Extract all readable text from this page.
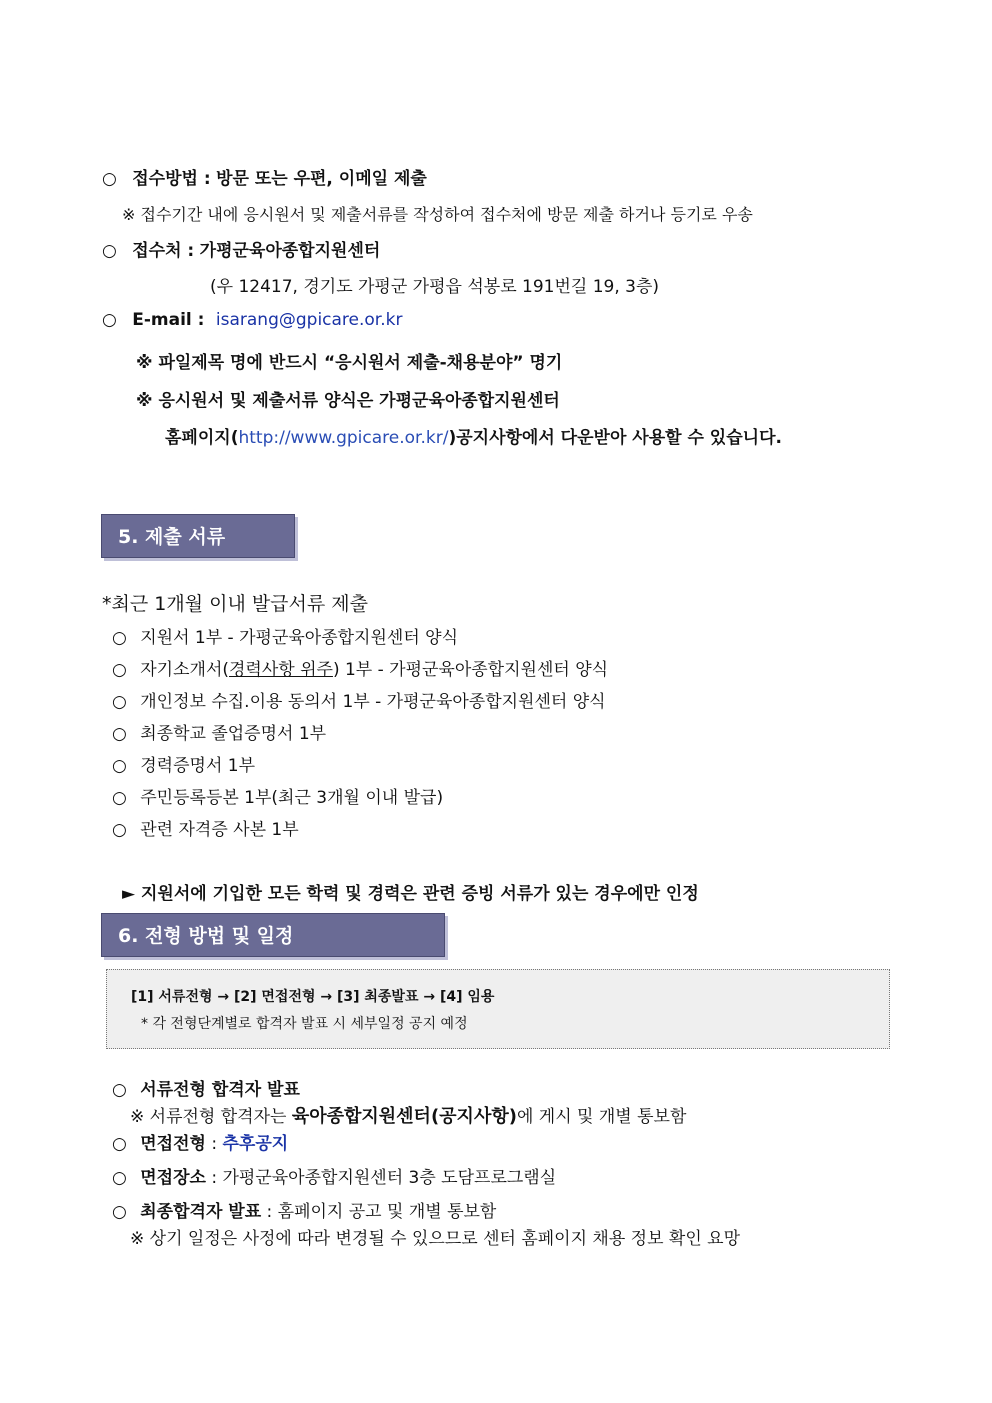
○ 접수방법 : 방문 또는 우편, 이메일 제출
※ 접수기간 내에 응시원서 및 제출서류를 작성하여 접수처에 방문 제출 하거나 등기로 우송
○ 접수처 : 가평군육아종합지원센터
(우 12417, 경기도 가평군 가평읍 석봉로 191번길 19, 3층)
○ E-mail : isarang@gpicare.or.kr
※ 파일제목 명에 반드시 “응시원서 제출-채용분야” 명기
※ 응시원서 및 제출서류 양식은 가평군육아종합지원센터
홈페이지(http://www.gpicare.or.kr/)공지사항에서 다운받아 사용할 수 있습니다.
5. 제출 서류
*최근 1개월 이내 발급서류 제출
○ 지원서 1부 - 가평군육아종합지원센터 양식
○ 자기소개서(경력사항 위주) 1부 - 가평군육아종합지원센터 양식
○ 개인정보 수집.이용 동의서 1부 - 가평군육아종합지원센터 양식
○ 최종학교 졸업증명서 1부
○ 경력증명서 1부
○ 주민등록등본 1부(최근 3개월 이내 발급)
○ 관련 자격증 사본 1부
► 지원서에 기입한 모든 학력 및 경력은 관련 증빙 서류가 있는 경우에만 인정
6. 전형 방법 및 일정
[1] 서류전형 → [2] 면접전형 → [3] 최종발표 → [4] 임용
* 각 전형단계별로 합격자 발표 시 세부일정 공지 예정
○ 서류전형 합격자 발표
※ 서류전형 합격자는 육아종합지원센터(공지사항)에 게시 및 개별 통보함
○ 면접전형 : 추후공지
○ 면접장소 : 가평군육아종합지원센터 3층 도담프로그램실
○ 최종합격자 발표 : 홈페이지 공고 및 개별 통보함
※ 상기 일정은 사정에 따라 변경될 수 있으므로 센터 홈페이지 채용 정보 확인 요망
